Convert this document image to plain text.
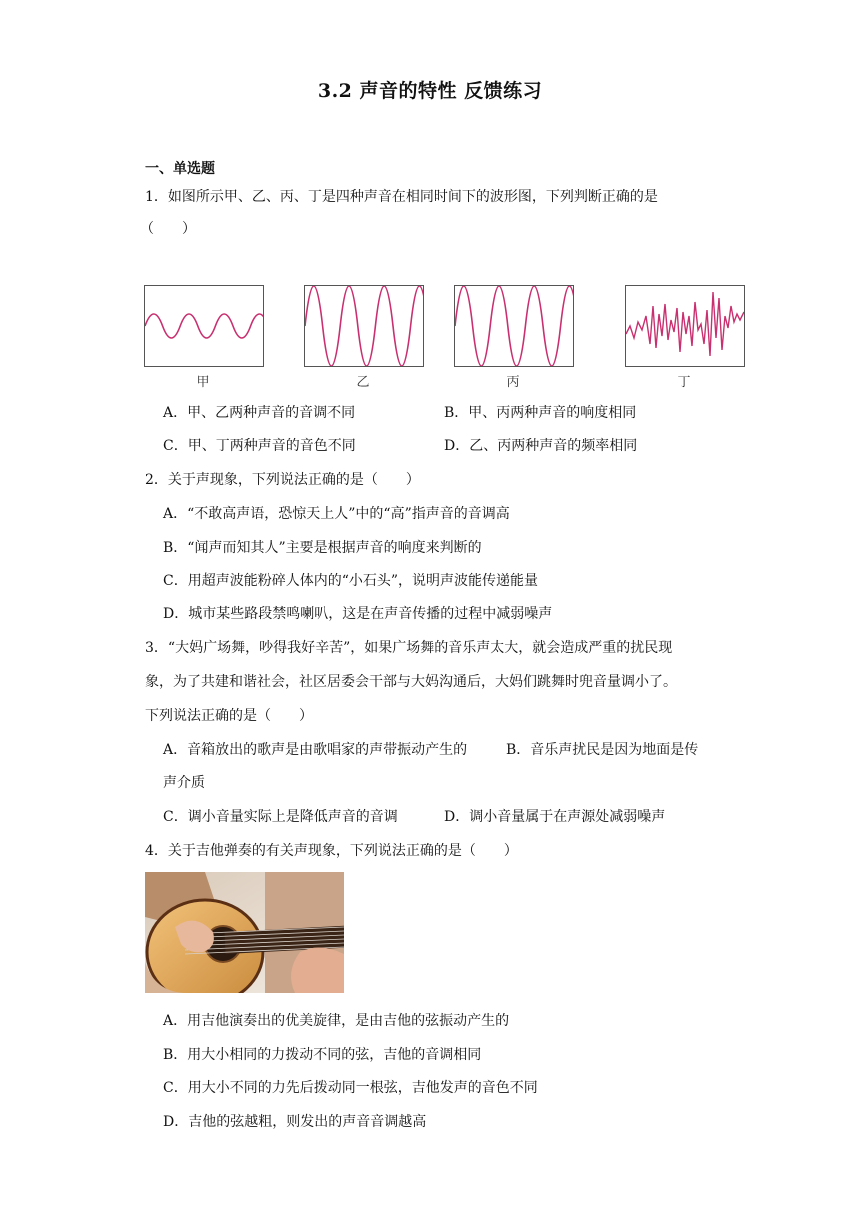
3.2 声音的特性 反馈练习
一、单选题
1．如图所示甲、乙、丙、丁是四种声音在相同时间下的波形图，下列判断正确的是
（　　）
甲	乙	丙	丁
A．甲、乙两种声音的音调不同	B．甲、丙两种声音的响度相同
C．甲、丁两种声音的音色不同	D．乙、丙两种声音的频率相同
2．关于声现象，下列说法正确的是（　　）
A．“不敢高声语，恐惊天上人”中的“高”指声音的音调高
B．“闻声而知其人”主要是根据声音的响度来判断的
C．用超声波能粉碎人体内的“小石头”，说明声波能传递能量
D．城市某些路段禁鸣喇叭，这是在声音传播的过程中减弱噪声
3．“大妈广场舞，吵得我好辛苦”，如果广场舞的音乐声太大，就会造成严重的扰民现
象，为了共建和谐社会，社区居委会干部与大妈沟通后，大妈们跳舞时兜音量调小了。
下列说法正确的是（　　）
A．音箱放出的歌声是由歌唱家的声带振动产生的	B．音乐声扰民是因为地面是传
声介质
C．调小音量实际上是降低声音的音调	D．调小音量属于在声源处减弱噪声
4．关于吉他弹奏的有关声现象，下列说法正确的是（　　）
A．用吉他演奏出的优美旋律，是由吉他的弦振动产生的
B．用大小相同的力拨动不同的弦，吉他的音调相同
C．用大小不同的力先后拨动同一根弦，吉他发声的音色不同
D．吉他的弦越粗，则发出的声音音调越高
